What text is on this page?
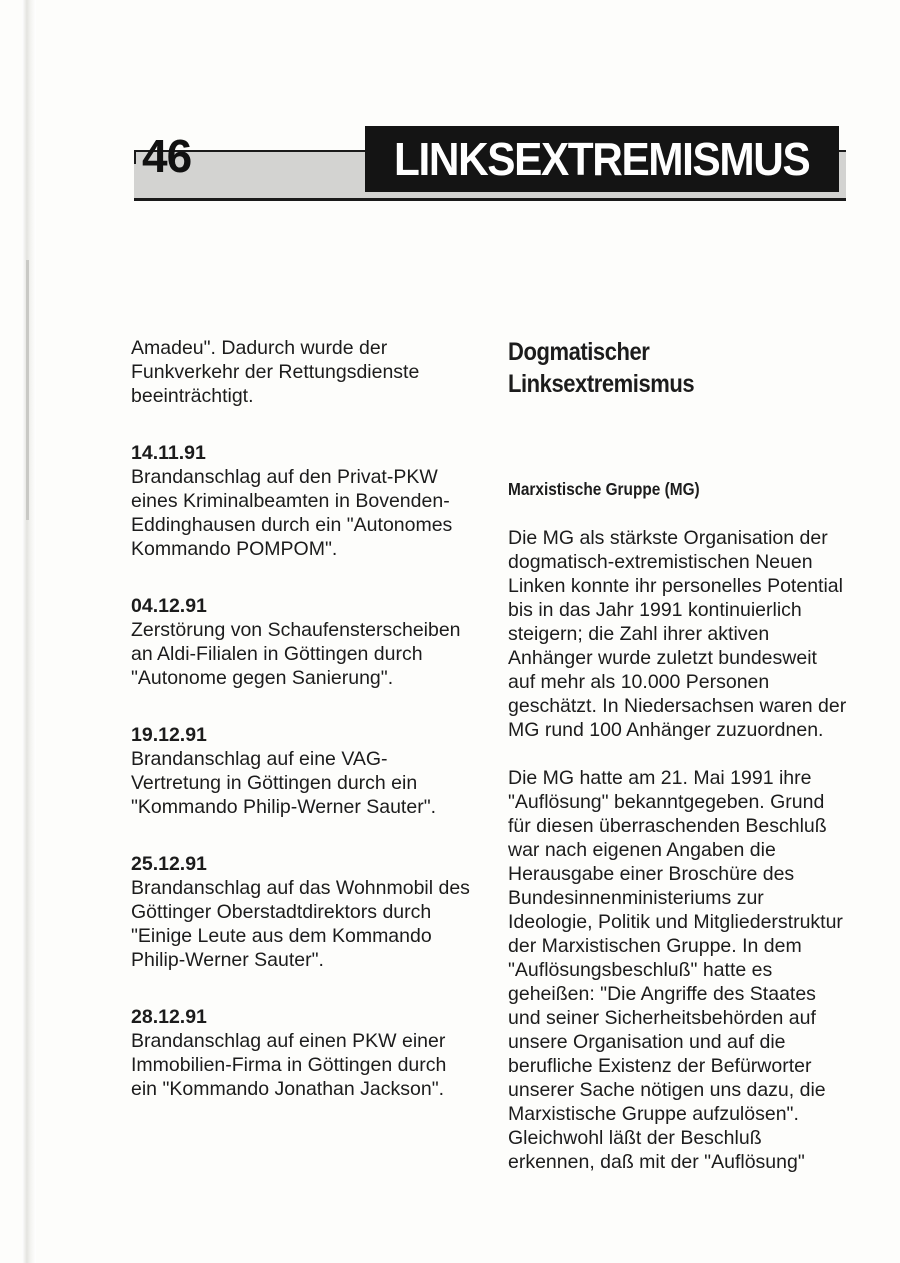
46	LINKSEXTREMISMUS

Amadeu". Dadurch wurde der Funkverkehr der Rettungsdienste beeinträchtigt.

14.11.91

Brandanschlag auf den Privat-PKW eines Kriminalbeamten in Bovenden-Eddinghausen durch ein "Autonomes Kommando POMPOM".

04.12.91

Zerstörung von Schaufensterscheiben an Aldi-Filialen in Göttingen durch "Autonome gegen Sanierung".

19.12.91

Brandanschlag auf eine VAG-Vertretung in Göttingen durch ein "Kommando Philip-Werner Sauter".

25.12.91

Brandanschlag auf das Wohnmobil des Göttinger Oberstadtdirektors durch "Einige Leute aus dem Kommando Philip-Werner Sauter".

28.12.91

Brandanschlag auf einen PKW einer Immobilien-Firma in Göttingen durch ein "Kommando Jonathan Jackson".

Dogmatischer
Linksextremismus
Marxistische Gruppe (MG)

Die MG als stärkste Organisation der dogmatisch-extremistischen Neuen Linken konnte ihr personelles Potential bis in das Jahr 1991 kontinuierlich steigern; die Zahl ihrer aktiven Anhänger wurde zuletzt bundesweit auf mehr als 10.000 Personen geschätzt. In Niedersachsen waren der MG rund 100 Anhänger zuzuordnen.

Die MG hatte am 21. Mai 1991 ihre "Auflösung" bekanntgegeben. Grund für diesen überraschenden Beschluß war nach eigenen Angaben die Herausgabe einer Broschüre des Bundesinnenministeriums zur Ideologie, Politik und Mitgliederstruktur der Marxistischen Gruppe. In dem "Auflösungsbeschluß" hatte es geheißen: "Die Angriffe des Staates und seiner Sicherheitsbehörden auf unsere Organisation und auf die berufliche Existenz der Befürworter unserer Sache nötigen uns dazu, die Marxistische Gruppe aufzulösen". Gleichwohl läßt der Beschluß erkennen, daß mit der "Auflösung"
